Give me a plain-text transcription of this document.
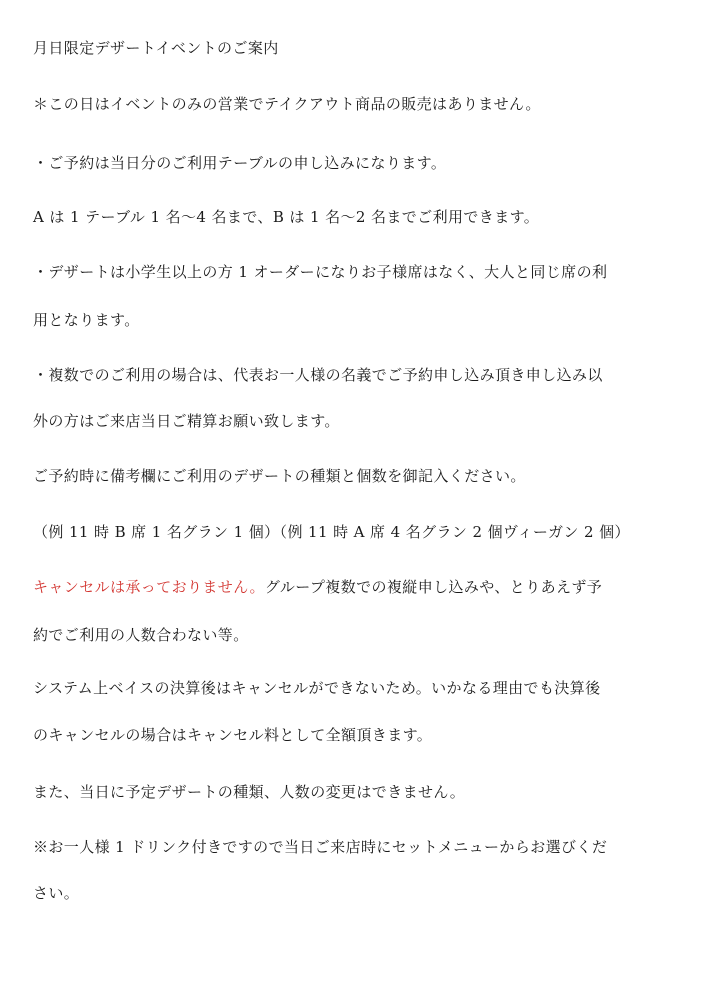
月日限定デザートイベントのご案内
＊この日はイベントのみの営業でテイクアウト商品の販売はありません。
・ご予約は当日分のご利用テーブルの申し込みになります。
A は 1 テーブル 1 名〜4 名まで、B は 1 名〜2 名までご利用できます。
・デザートは小学生以上の方 1 オーダーになりお子様席はなく、大人と同じ席の利
用となります。
・複数でのご利用の場合は、代表お一人様の名義でご予約申し込み頂き申し込み以
外の方はご来店当日ご精算お願い致します。
ご予約時に備考欄にご利用のデザートの種類と個数を御記入ください。
（例 11 時 B 席 1 名グラン 1 個）（例 11 時 A 席 4 名グラン 2 個ヴィーガン 2 個）
キャンセルは承っておりません。グループ複数での複縦申し込みや、とりあえず予
約でご利用の人数合わない等。
システム上ベイスの決算後はキャンセルができないため。いかなる理由でも決算後
のキャンセルの場合はキャンセル料として全額頂きます。
また、当日に予定デザートの種類、人数の変更はできません。
※お一人様 1 ドリンク付きですので当日ご来店時にセットメニューからお選びくだ
さい。
